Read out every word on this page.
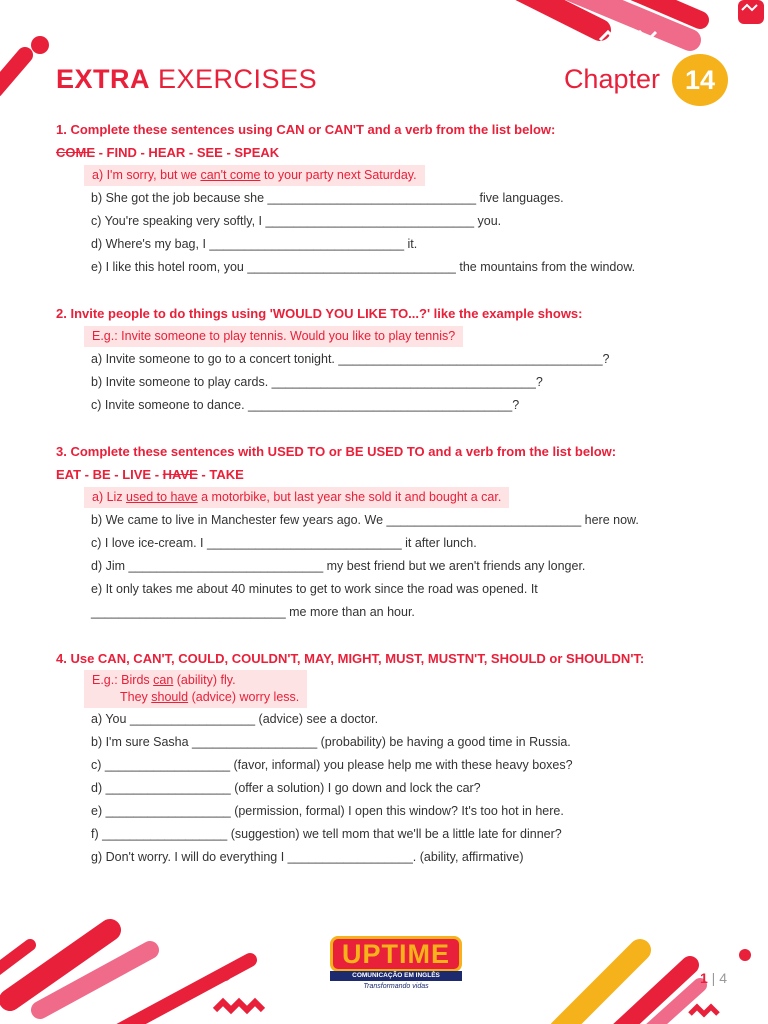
EXTRA EXERCISES	Chapter 14
1. Complete these sentences using CAN or CAN'T and a verb from the list below:
COME - FIND - HEAR - SEE - SPEAK
a) I'm sorry, but we can't come to your party next Saturday.
b) She got the job because she ______________________________ five languages.
c) You're speaking very softly, I ______________________________ you.
d) Where's my bag, I ____________________________ it.
e) I like this hotel room, you ______________________________ the mountains from the window.
2. Invite people to do things using 'WOULD YOU LIKE TO...?' like the example shows:
E.g.: Invite someone to play tennis. Would you like to play tennis?
a) Invite someone to go to a concert tonight. ______________________________________?
b) Invite someone to play cards. ______________________________________?
c) Invite someone to dance. ______________________________________?
3. Complete these sentences with USED TO or BE USED TO and a verb from the list below:
EAT - BE - LIVE - HAVE - TAKE
a) Liz used to have a motorbike, but last year she sold it and bought a car.
b) We came to live in Manchester few years ago. We ____________________________ here now.
c) I love ice-cream. I ____________________________ it after lunch.
d) Jim ____________________________ my best friend but we aren't friends any longer.
e) It only takes me about 40 minutes to get to work since the road was opened. It
____________________________ me more than an hour.
4. Use CAN, CAN'T, COULD, COULDN'T, MAY, MIGHT, MUST, MUSTN'T, SHOULD or SHOULDN'T:
E.g.: Birds can (ability) fly.
They should (advice) worry less.
a) You __________________ (advice) see a doctor.
b) I'm sure Sasha __________________ (probability) be having a good time in Russia.
c) __________________ (favor, informal) you please help me with these heavy boxes?
d) __________________ (offer a solution) I go down and lock the car?
e) __________________ (permission, formal) I open this window? It's too hot in here.
f) __________________ (suggestion) we tell mom that we'll be a little late for dinner?
g) Don't worry. I will do everything I __________________. (ability, affirmative)
UPTIME
COMUNICAÇÃO EM INGLÊS
Transformando vidas
1 | 4
